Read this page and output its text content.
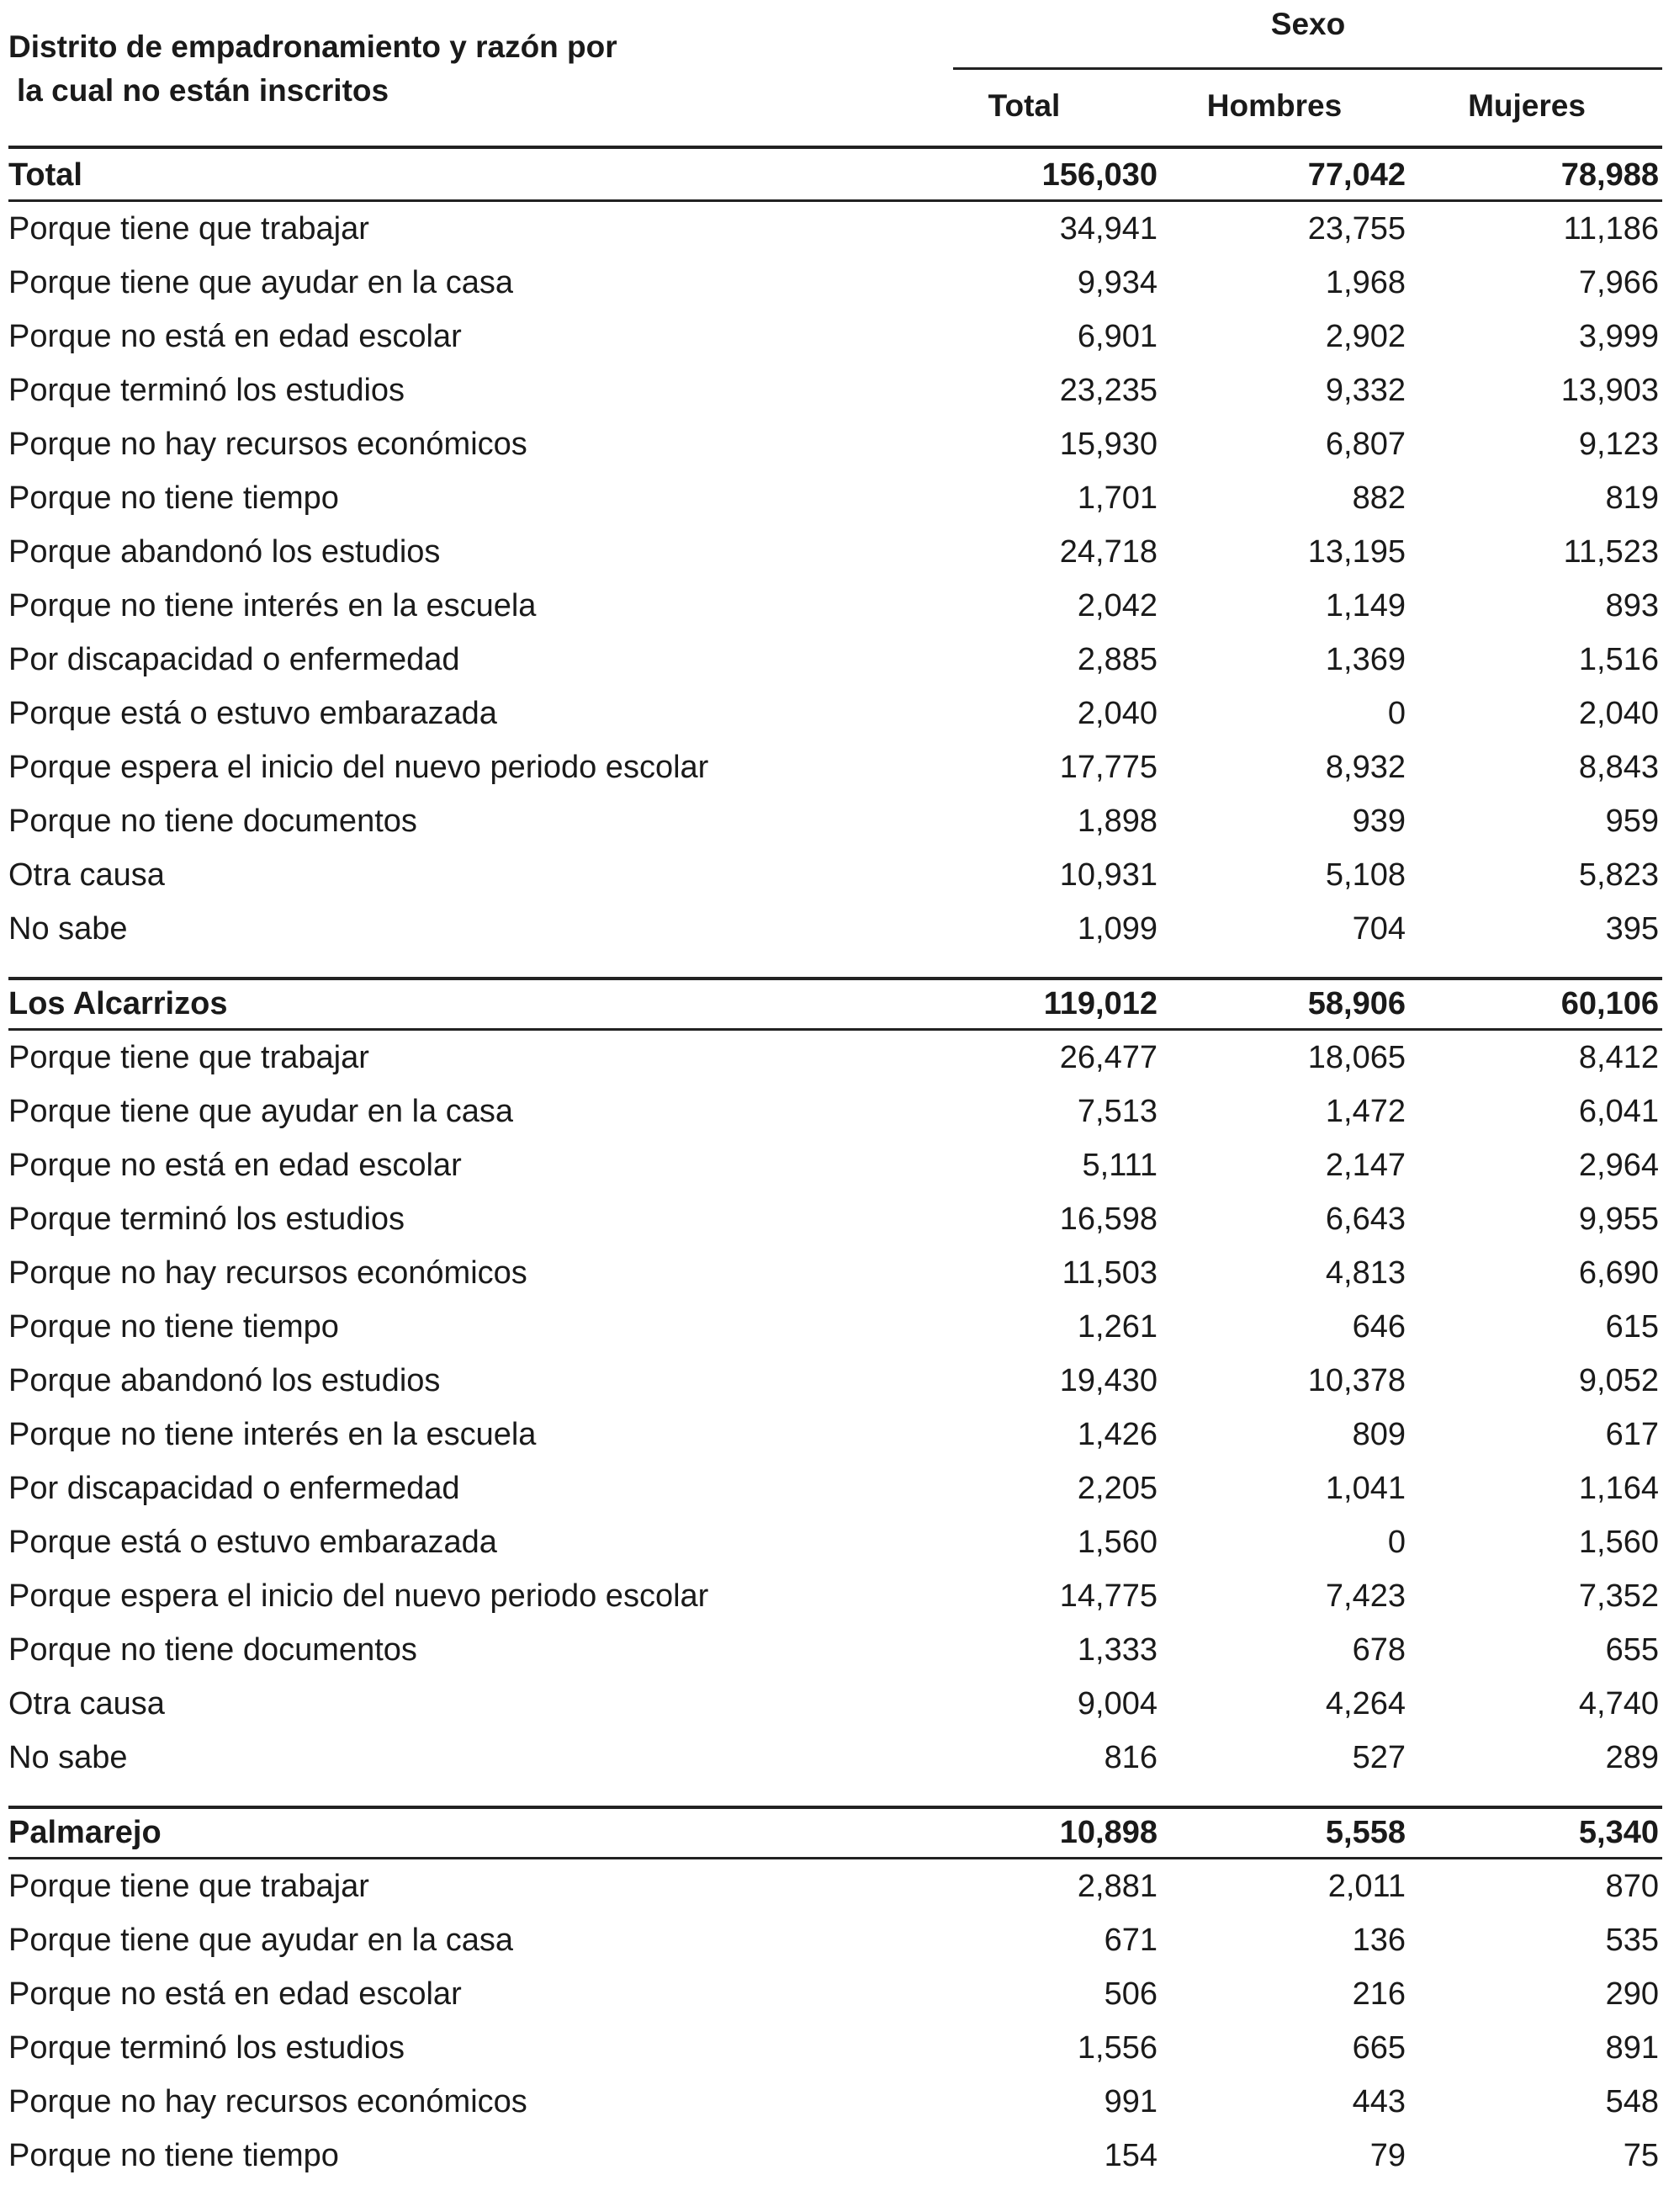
Distrito de empadronamiento y razón por
la cual no están inscritos
Sexo
Total	Hombres	Mujeres
Total	156,030	77,042	78,988
Porque tiene que trabajar	34,941	23,755	11,186
Porque tiene que ayudar en la casa	9,934	1,968	7,966
Porque no está en edad escolar	6,901	2,902	3,999
Porque terminó los estudios	23,235	9,332	13,903
Porque no hay recursos económicos	15,930	6,807	9,123
Porque no tiene tiempo	1,701	882	819
Porque abandonó los estudios	24,718	13,195	11,523
Porque no tiene interés en la escuela	2,042	1,149	893
Por discapacidad o enfermedad	2,885	1,369	1,516
Porque está o estuvo embarazada	2,040	0	2,040
Porque espera el inicio del nuevo periodo escolar	17,775	8,932	8,843
Porque no tiene documentos	1,898	939	959
Otra causa	10,931	5,108	5,823
No sabe	1,099	704	395
Los Alcarrizos	119,012	58,906	60,106
Porque tiene que trabajar	26,477	18,065	8,412
Porque tiene que ayudar en la casa	7,513	1,472	6,041
Porque no está en edad escolar	5,111	2,147	2,964
Porque terminó los estudios	16,598	6,643	9,955
Porque no hay recursos económicos	11,503	4,813	6,690
Porque no tiene tiempo	1,261	646	615
Porque abandonó los estudios	19,430	10,378	9,052
Porque no tiene interés en la escuela	1,426	809	617
Por discapacidad o enfermedad	2,205	1,041	1,164
Porque está o estuvo embarazada	1,560	0	1,560
Porque espera el inicio del nuevo periodo escolar	14,775	7,423	7,352
Porque no tiene documentos	1,333	678	655
Otra causa	9,004	4,264	4,740
No sabe	816	527	289
Palmarejo	10,898	5,558	5,340
Porque tiene que trabajar	2,881	2,011	870
Porque tiene que ayudar en la casa	671	136	535
Porque no está en edad escolar	506	216	290
Porque terminó los estudios	1,556	665	891
Porque no hay recursos económicos	991	443	548
Porque no tiene tiempo	154	79	75
